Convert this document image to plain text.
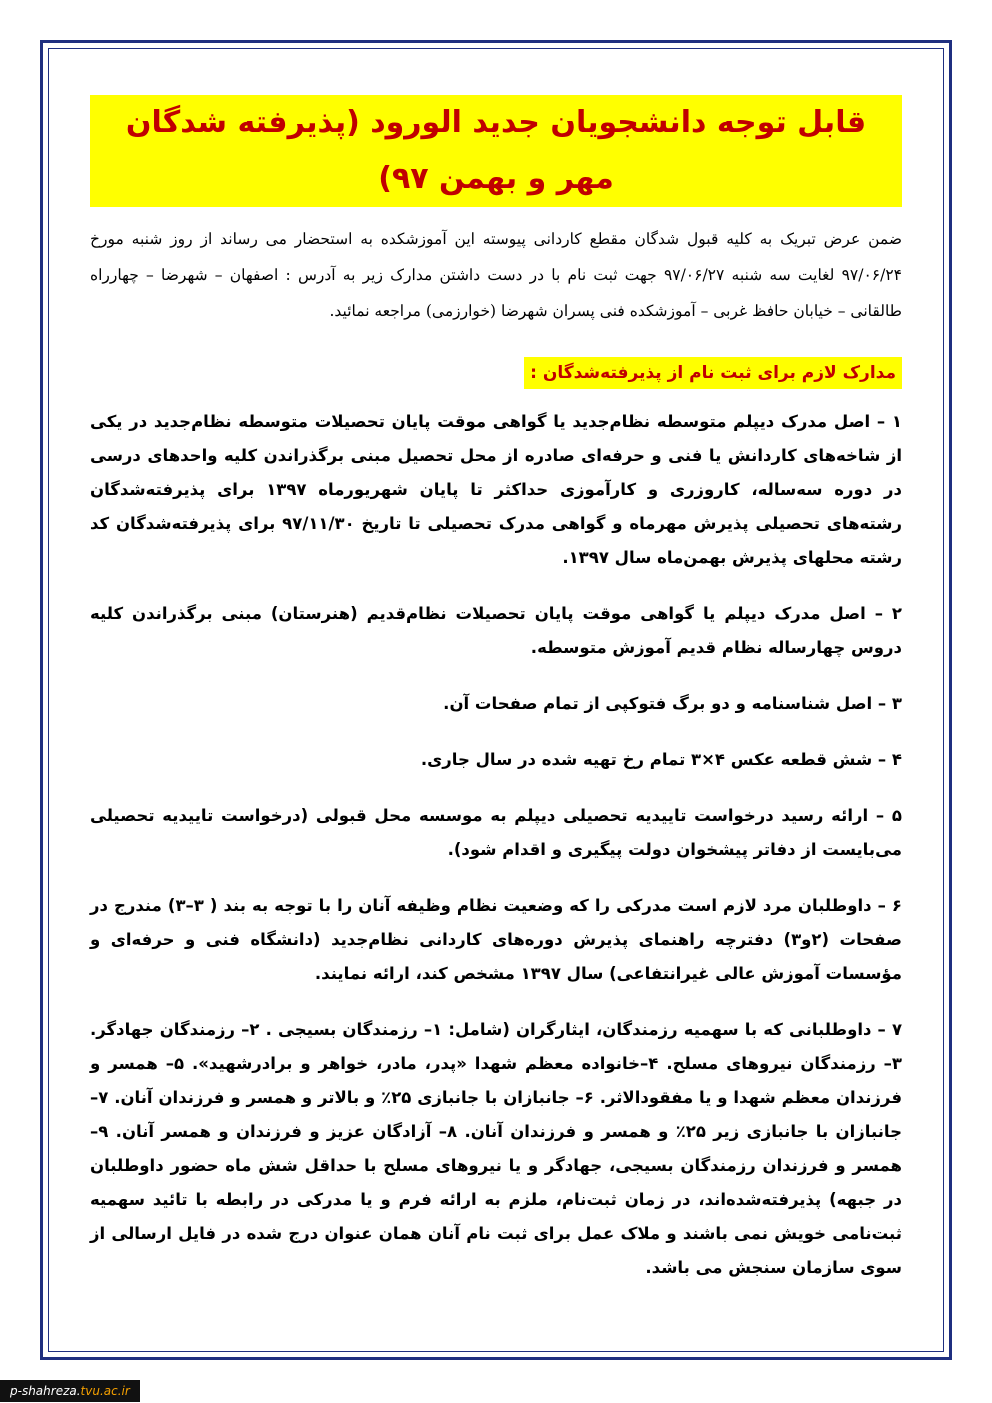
قابل توجه دانشجویان جدید الورود (پذیرفته شدگان مهر و بهمن ۹۷)

ضمن عرض تبریک به کلیه قبول شدگان مقطع کاردانی پیوسته این آموزشکده به استحضار می رساند از روز شنبه مورخ ۹۷/۰۶/۲۴ لغایت سه شنبه ۹۷/۰۶/۲۷ جهت ثبت نام با در دست داشتن مدارک زیر به آدرس : اصفهان – شهرضا – چهارراه طالقانی – خیابان حافظ غربی – آموزشکده فنی پسران شهرضا (خوارزمی) مراجعه نمائید.

مدارک لازم برای ثبت نام از پذیرفته‌شدگان :

۱ – اصل مدرک دیپلم متوسطه نظام‌جدید یا گواهی موقت پایان تحصیلات متوسطه نظام‌جدید در یکی از شاخه‌های کاردانش یا فنی و حرفه‌ای صادره از محل تحصیل مبنی برگذراندن کلیه واحدهای درسی در دوره سه‌ساله، کاروزری و کارآموزی حداکثر تا پایان شهریورماه ۱۳۹۷ برای پذیرفته‌شدگان رشته‌های تحصیلی پذیرش مهرماه و گواهی مدرک تحصیلی تا تاریخ ۹۷/۱۱/۳۰ برای پذیرفته‌شدگان کد رشته محلهای پذیرش بهمن‌ماه سال ۱۳۹۷.

۲ – اصل مدرک دیپلم یا گواهی موقت پایان تحصیلات نظام‌قدیم (هنرستان) مبنی برگذراندن کلیه دروس چهارساله نظام قدیم آموزش متوسطه.

۳ – اصل شناسنامه و دو برگ فتوکپی از تمام صفحات آن.

۴ – شش قطعه عکس ۴×۳ تمام رخ تهیه شده در سال جاری.

۵ – ارائه رسید درخواست تاییدیه تحصیلی دیپلم به موسسه محل قبولی (درخواست تاییدیه تحصیلی می‌بایست از دفاتر پیشخوان دولت پیگیری و اقدام شود).

۶ – داوطلبان مرد لازم است مدرکی را که وضعیت نظام وظیفه آنان را با توجه به بند ( ۳–۳) مندرج در صفحات (۲و۳) دفترچه راهنمای پذیرش دوره‌های کاردانی نظام‌جدید (دانشگاه فنی و حرفه‌ای و مؤسسات آموزش عالی غیرانتفاعی) سال ۱۳۹۷ مشخص کند، ارائه نمایند.

۷ – داوطلبانی که با سهمیه رزمندگان، ایثارگران (شامل: ۱– رزمندگان بسیجی . ۲– رزمندگان جهادگر. ۳– رزمندگان نیروهای مسلح. ۴–خانواده معظم شهدا «پدر، مادر، خواهر و برادرشهید». ۵– همسر و فرزندان معظم شهدا و یا مفقودالاثر. ۶– جانبازان با جانبازی ۲۵٪ و بالاتر و همسر و فرزندان آنان. ۷– جانبازان با جانبازی زیر ۲۵٪ و همسر و فرزندان آنان. ۸– آزادگان عزیز و فرزندان و همسر آنان. ۹– همسر و فرزندان رزمندگان بسیجی، جهادگر و یا نیروهای مسلح با حداقل شش ماه حضور داوطلبان در جبهه) پذیرفته‌شده‌اند، در زمان ثبت‌نام، ملزم به ارائه فرم و یا مدرکی در رابطه با تائید سهمیه ثبت‌نامی خویش نمی باشند و ملاک عمل برای ثبت نام آنان همان عنوان درج شده در فایل ارسالی از سوی سازمان سنجش می باشد.

p-shahreza.tvu.ac.ir
